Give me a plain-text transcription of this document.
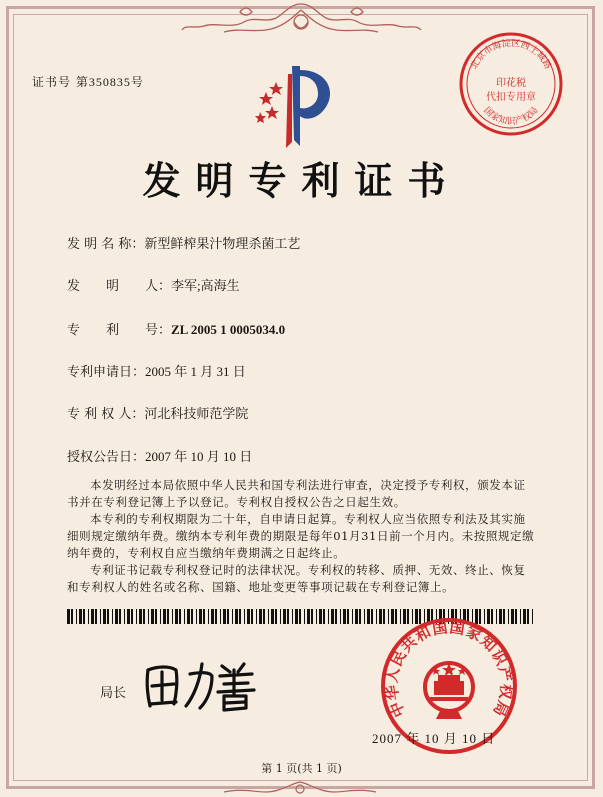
证书号 第350835号
北京市海淀区西土城路
印花税
代扣专用章
国家知识产权局
发明专利证书
发 明 名 称：新型鲜榨果汁物理杀菌工艺
发　　明　　人：李军;高海生
专　　利　　号：ZL 2005 1 0005034.0
专利申请日：2005 年 1 月 31 日
专 利 权 人：河北科技师范学院
授权公告日：2007 年 10 月 10 日
本发明经过本局依照中华人民共和国专利法进行审查，决定授予专利权，颁发本证书并在专利登记簿上予以登记。专利权自授权公告之日起生效。
本专利的专利权期限为二十年，自申请日起算。专利权人应当依照专利法及其实施细则规定缴纳年费。缴纳本专利年费的期限是每年01月31日前一个月内。未按照规定缴纳年费的，专利权自应当缴纳年费期满之日起终止。
专利证书记载专利权登记时的法律状况。专利权的转移、质押、无效、终止、恢复和专利权人的姓名或名称、国籍、地址变更等事项记载在专利登记簿上。
局长
中华人民共和国国家知识产权局
2007 年 10 月 10 日
第 1 页(共 1 页)
